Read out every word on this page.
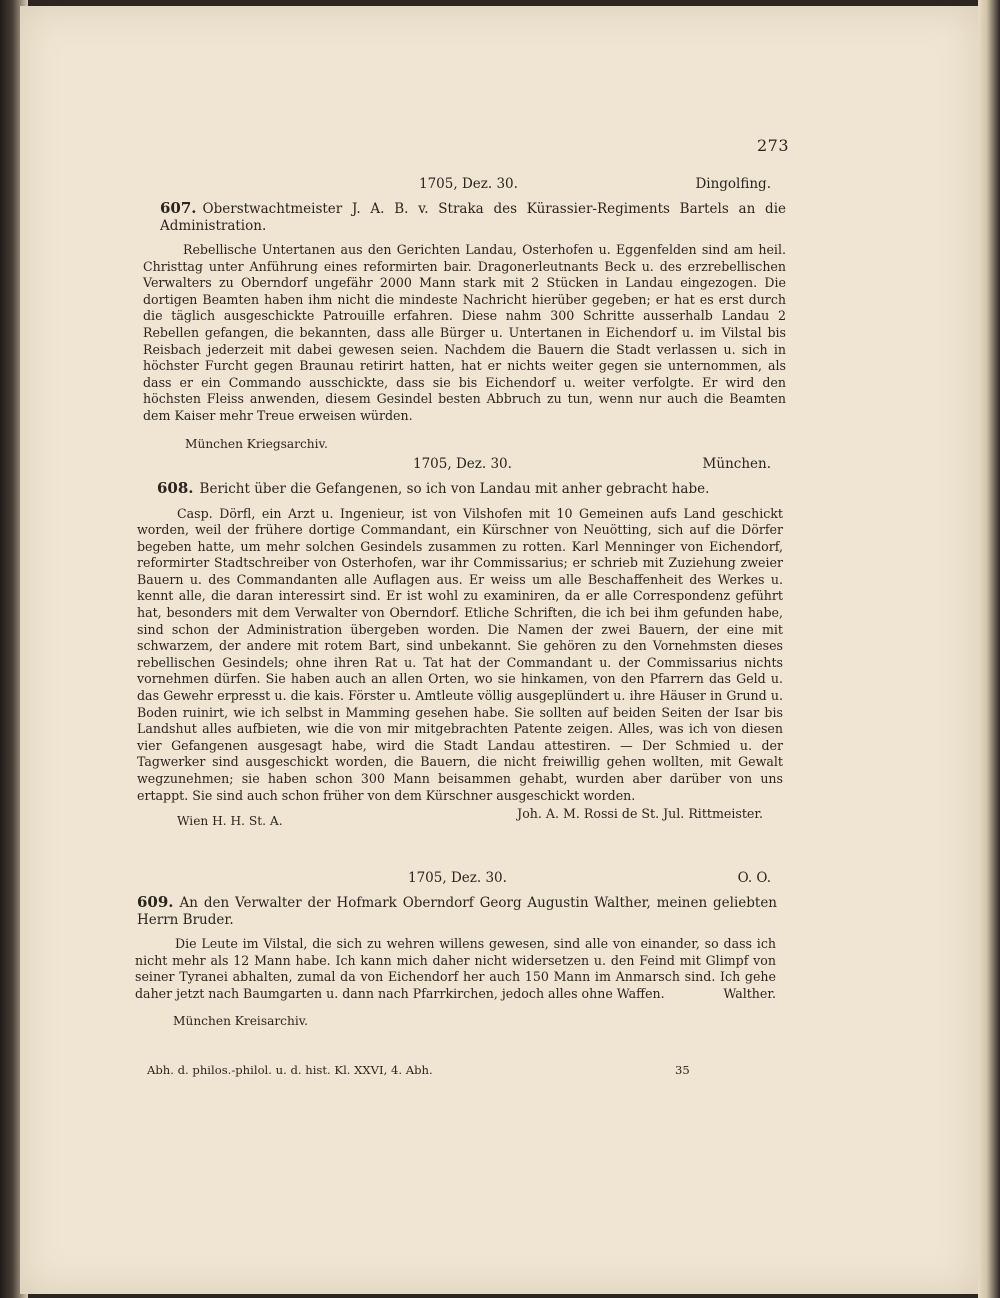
273
1705, Dez. 30.	Dingolfing.
607. Oberstwachtmeister J. A. B. v. Straka des Kürassier-Regiments Bartels an die Administration.
Rebellische Untertanen aus den Gerichten Landau, Osterhofen u. Eggenfelden sind am heil. Christtag unter Anführung eines reformirten bair. Dragonerleutnants Beck u. des erzrebellischen Verwalters zu Oberndorf ungefähr 2000 Mann stark mit 2 Stücken in Landau eingezogen. Die dortigen Beamten haben ihm nicht die mindeste Nachricht hierüber gegeben; er hat es erst durch die täglich ausgeschickte Patrouille erfahren. Diese nahm 300 Schritte ausserhalb Landau 2 Rebellen gefangen, die bekannten, dass alle Bürger u. Untertanen in Eichendorf u. im Vilstal bis Reisbach jederzeit mit dabei gewesen seien. Nachdem die Bauern die Stadt verlassen u. sich in höchster Furcht gegen Braunau retirirt hatten, hat er nichts weiter gegen sie unternommen, als dass er ein Commando ausschickte, dass sie bis Eichendorf u. weiter verfolgte. Er wird den höchsten Fleiss anwenden, diesem Gesindel besten Abbruch zu tun, wenn nur auch die Beamten dem Kaiser mehr Treue erweisen würden.
München Kriegsarchiv.
1705, Dez. 30.	München.
608. Bericht über die Gefangenen, so ich von Landau mit anher gebracht habe.
Casp. Dörfl, ein Arzt u. Ingenieur, ist von Vilshofen mit 10 Gemeinen aufs Land geschickt worden, weil der frühere dortige Commandant, ein Kürschner von Neuötting, sich auf die Dörfer begeben hatte, um mehr solchen Gesindels zusammen zu rotten. Karl Menninger von Eichendorf, reformirter Stadtschreiber von Osterhofen, war ihr Commissarius; er schrieb mit Zuziehung zweier Bauern u. des Commandanten alle Auflagen aus. Er weiss um alle Beschaffenheit des Werkes u. kennt alle, die daran interessirt sind. Er ist wohl zu examiniren, da er alle Correspondenz geführt hat, besonders mit dem Verwalter von Oberndorf. Etliche Schriften, die ich bei ihm gefunden habe, sind schon der Administration übergeben worden. Die Namen der zwei Bauern, der eine mit schwarzem, der andere mit rotem Bart, sind unbekannt. Sie gehören zu den Vornehmsten dieses rebellischen Gesindels; ohne ihren Rat u. Tat hat der Commandant u. der Commissarius nichts vornehmen dürfen. Sie haben auch an allen Orten, wo sie hinkamen, von den Pfarrern das Geld u. das Gewehr erpresst u. die kais. Förster u. Amtleute völlig ausgeplündert u. ihre Häuser in Grund u. Boden ruinirt, wie ich selbst in Mamming gesehen habe. Sie sollten auf beiden Seiten der Isar bis Landshut alles aufbieten, wie die von mir mitgebrachten Patente zeigen. Alles, was ich von diesen vier Gefangenen ausgesagt habe, wird die Stadt Landau attestiren. — Der Schmied u. der Tagwerker sind ausgeschickt worden, die Bauern, die nicht freiwillig gehen wollten, mit Gewalt wegzunehmen; sie haben schon 300 Mann beisammen gehabt, wurden aber darüber von uns ertappt. Sie sind auch schon früher von dem Kürschner ausgeschickt worden.
Wien H. H. St. A.	Joh. A. M. Rossi de St. Jul. Rittmeister.
1705, Dez. 30.	O. O.
609. An den Verwalter der Hofmark Oberndorf Georg Augustin Walther, meinen geliebten Herrn Bruder.
Die Leute im Vilstal, die sich zu wehren willens gewesen, sind alle von einander, so dass ich nicht mehr als 12 Mann habe. Ich kann mich daher nicht widersetzen u. den Feind mit Glimpf von seiner Tyranei abhalten, zumal da von Eichendorf her auch 150 Mann im Anmarsch sind. Ich gehe daher jetzt nach Baumgarten u. dann nach Pfarrkirchen, jedoch alles ohne Waffen.	Walther.
München Kreisarchiv.
Abh. d. philos.-philol. u. d. hist. Kl. XXVI, 4. Abh.	35
